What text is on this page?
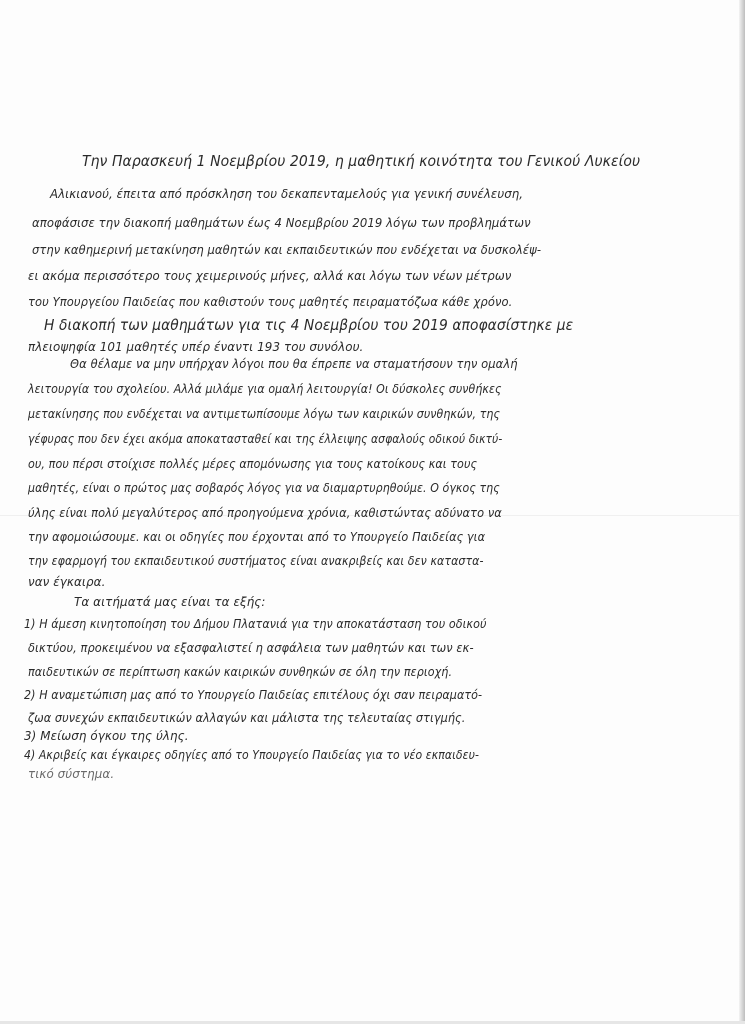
Την Παρασκευή 1 Νοεμβρίου 2019, η μαθητική κοινότητα του Γενικού Λυκείου
Αλικιανού, έπειτα από πρόσκληση του δεκαπενταμελούς για γενική συνέλευση,
αποφάσισε την διακοπή μαθημάτων έως 4 Νοεμβρίου 2019 λόγω των προβλημάτων
στην καθημερινή μετακίνηση μαθητών και εκπαιδευτικών που ενδέχεται να δυσκολέψ-
ει ακόμα περισσότερο τους χειμερινούς μήνες, αλλά και λόγω των νέων μέτρων
του Υπουργείου Παιδείας που καθιστούν τους μαθητές πειραματόζωα κάθε χρόνο.
Η διακοπή των μαθημάτων για τις 4 Νοεμβρίου του 2019 αποφασίστηκε με
πλειοψηφία 101 μαθητές υπέρ έναντι 193 του συνόλου.
Θα θέλαμε να μην υπήρχαν λόγοι που θα έπρεπε να σταματήσουν την ομαλή
λειτουργία του σχολείου. Αλλά μιλάμε για ομαλή λειτουργία! Οι δύσκολες συνθήκες
μετακίνησης που ενδέχεται να αντιμετωπίσουμε λόγω των καιρικών συνθηκών, της
γέφυρας που δεν έχει ακόμα αποκατασταθεί και της έλλειψης ασφαλούς οδικού δικτύ-
ου, που πέρσι στοίχισε πολλές μέρες απομόνωσης για τους κατοίκους και τους
μαθητές, είναι ο πρώτος μας σοβαρός λόγος για να διαμαρτυρηθούμε. Ο όγκος της
ύλης είναι πολύ μεγαλύτερος από προηγούμενα χρόνια, καθιστώντας αδύνατο να
την αφομοιώσουμε. και οι οδηγίες που έρχονται από το Υπουργείο Παιδείας για
την εφαρμογή του εκπαιδευτικού συστήματος είναι ανακριβείς και δεν καταστα-
ναν έγκαιρα.
Τα αιτήματά μας είναι τα εξής:
1) Η άμεση κινητοποίηση του Δήμου Πλατανιά για την αποκατάσταση του οδικού
δικτύου, προκειμένου να εξασφαλιστεί η ασφάλεια των μαθητών και των εκ-
παιδευτικών σε περίπτωση κακών καιρικών συνθηκών σε όλη την περιοχή.
2) Η αναμετώπιση μας από το Υπουργείο Παιδείας επιτέλους όχι σαν πειραματό-
ζωα συνεχών εκπαιδευτικών αλλαγών και μάλιστα της τελευταίας στιγμής.
3) Μείωση όγκου της ύλης.
4) Ακριβείς και έγκαιρες οδηγίες από το Υπουργείο Παιδείας για το νέο εκπαιδευ-
τικό σύστημα.
